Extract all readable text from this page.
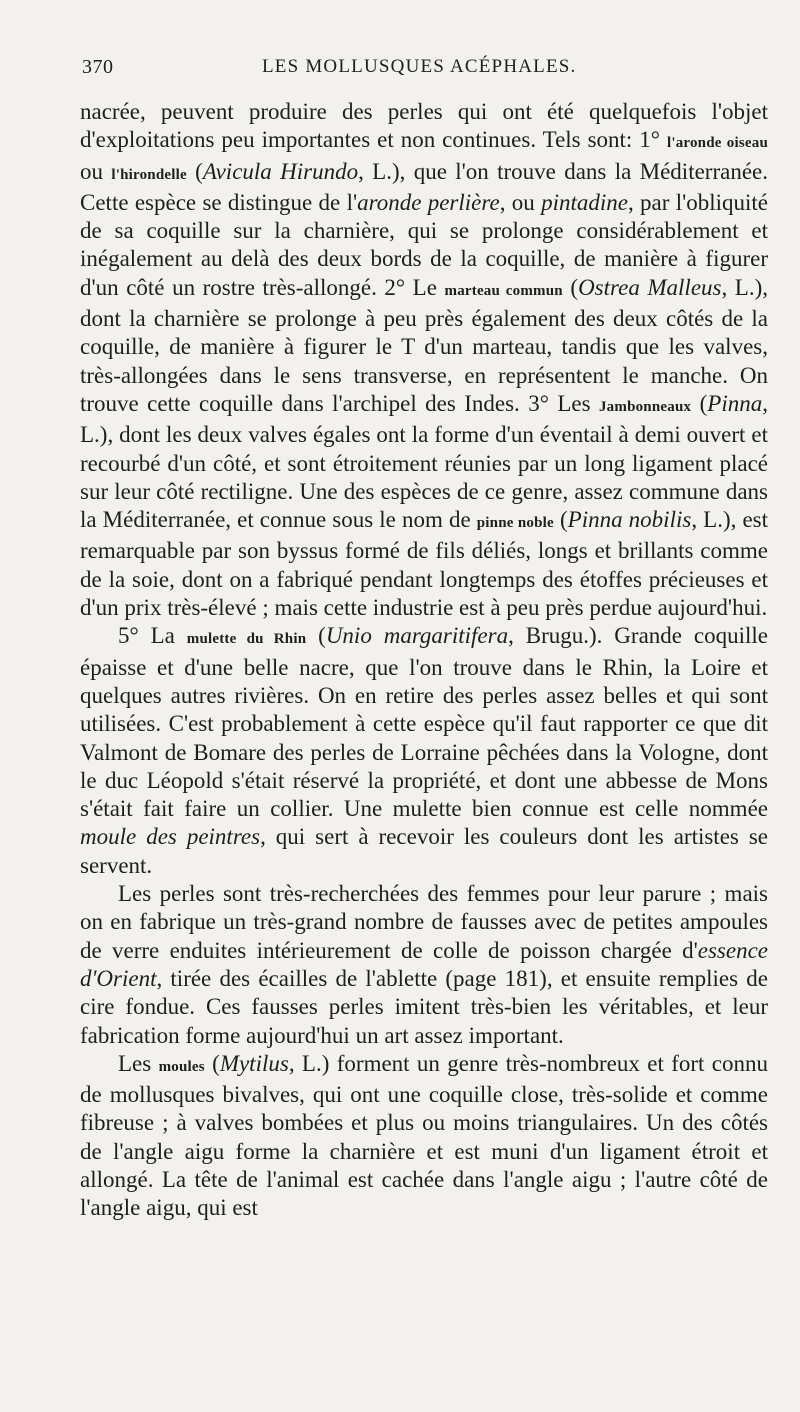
370	LES MOLLUSQUES ACÉPHALES.

nacrée, peuvent produire des perles qui ont été quelquefois l'objet d'exploitations peu importantes et non continues. Tels sont: 1° l'aronde oiseau ou l'hirondelle (Avicula Hirundo, L.), que l'on trouve dans la Méditerranée. Cette espèce se distingue de l'aronde perlière, ou pintadine, par l'obliquité de sa coquille sur la charnière, qui se prolonge considérablement et inégalement au delà des deux bords de la coquille, de manière à figurer d'un côté un rostre très-allongé. 2° Le marteau commun (Ostrea Malleus, L.), dont la charnière se prolonge à peu près également des deux côtés de la coquille, de manière à figurer le T d'un marteau, tandis que les valves, très-allongées dans le sens transverse, en représentent le manche. On trouve cette coquille dans l'archipel des Indes. 3° Les Jambonneaux (Pinna, L.), dont les deux valves égales ont la forme d'un éventail à demi ouvert et recourbé d'un côté, et sont étroitement réunies par un long ligament placé sur leur côté rectiligne. Une des espèces de ce genre, assez commune dans la Méditerranée, et connue sous le nom de pinne noble (Pinna nobilis, L.), est remarquable par son byssus formé de fils déliés, longs et brillants comme de la soie, dont on a fabriqué pendant longtemps des étoffes précieuses et d'un prix très-élevé ; mais cette industrie est à peu près perdue aujourd'hui.

5° La mulette du Rhin (Unio margaritifera, Brugu.). Grande coquille épaisse et d'une belle nacre, que l'on trouve dans le Rhin, la Loire et quelques autres rivières. On en retire des perles assez belles et qui sont utilisées. C'est probablement à cette espèce qu'il faut rapporter ce que dit Valmont de Bomare des perles de Lorraine pêchées dans la Vologne, dont le duc Léopold s'était réservé la propriété, et dont une abbesse de Mons s'était fait faire un collier. Une mulette bien connue est celle nommée moule des peintres, qui sert à recevoir les couleurs dont les artistes se servent.

Les perles sont très-recherchées des femmes pour leur parure ; mais on en fabrique un très-grand nombre de fausses avec de petites ampoules de verre enduites intérieurement de colle de poisson chargée d'essence d'Orient, tirée des écailles de l'ablette (page 181), et ensuite remplies de cire fondue. Ces fausses perles imitent très-bien les véritables, et leur fabrication forme aujourd'hui un art assez important.

Les moules (Mytilus, L.) forment un genre très-nombreux et fort connu de mollusques bivalves, qui ont une coquille close, très-solide et comme fibreuse ; à valves bombées et plus ou moins triangulaires. Un des côtés de l'angle aigu forme la charnière et est muni d'un ligament étroit et allongé. La tête de l'animal est cachée dans l'angle aigu ; l'autre côté de l'angle aigu, qui est
